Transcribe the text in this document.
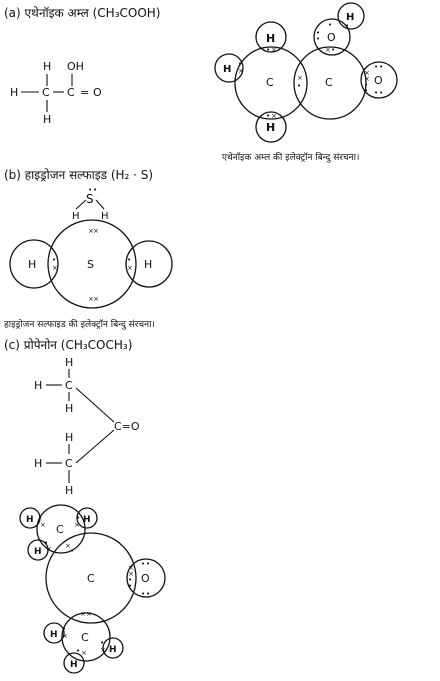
(a) एथेनॉइक अम्ल (CH₃COOH)
एथेनॉइक अम्ल की इलेक्ट्रॉन बिन्दु संरचना।
(b) हाइड्रोजन सल्फाइड (H₂ · S)
हाइड्रोजन सल्फाइड की इलेक्ट्रॉन बिन्दु संरचना।
(c) प्रोपेनोन (CH₃COCH₃)
H OH
H C C = O
H
H
H
H
H
C	C
O
O
• ×
•
×
• ×
×
•
× •
•
•
•
•
×
×
•
•
• •
• •
• •
S
H H
H	S	H
× ×
× ×
•
×
•
×
H
H C
H
C=O
H
H C
H
H	H
H
H
H
H
C
C
C
O
•
×
•
×
•
× ×
•
× ×
•
×
• ×
•
×
×
×
•
•
• •
• •
